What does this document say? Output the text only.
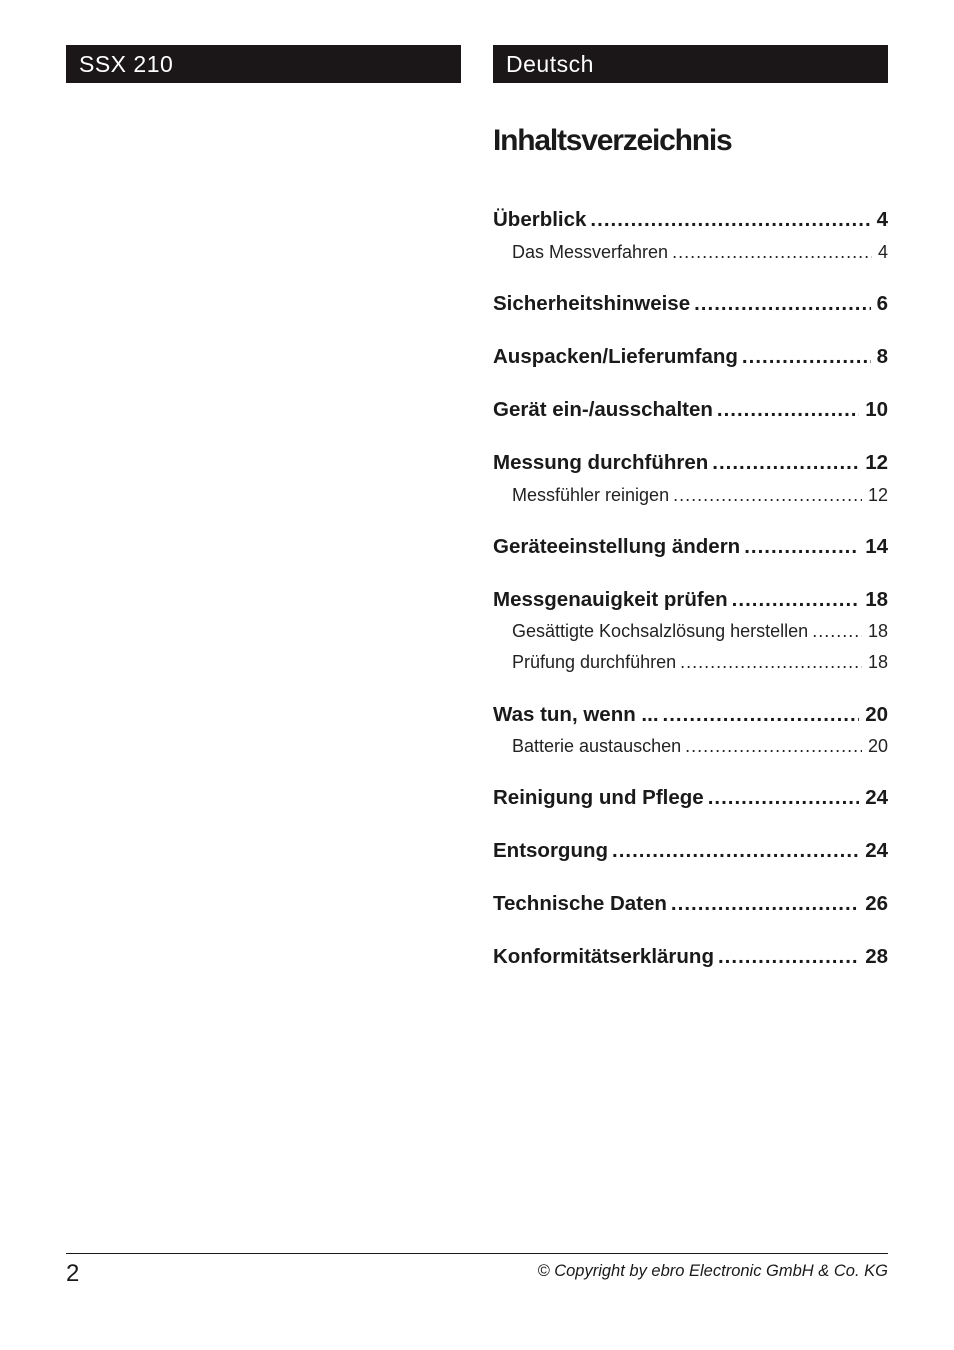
SSX 210	Deutsch
Inhaltsverzeichnis
Überblick .....	4
Das Messverfahren .....	4
Sicherheitshinweise .....	6
Auspacken/Lieferumfang .....	8
Gerät ein-/ausschalten .....	10
Messung durchführen .....	12
Messfühler reinigen .....	12
Geräteeinstellung ändern .....	14
Messgenauigkeit prüfen .....	18
Gesättigte Kochsalzlösung herstellen .....	18
Prüfung durchführen .....	18
Was tun, wenn ... .....	20
Batterie austauschen .....	20
Reinigung und Pflege .....	24
Entsorgung .....	24
Technische Daten .....	26
Konformitätserklärung .....	28
2	© Copyright by ebro Electronic GmbH & Co. KG
